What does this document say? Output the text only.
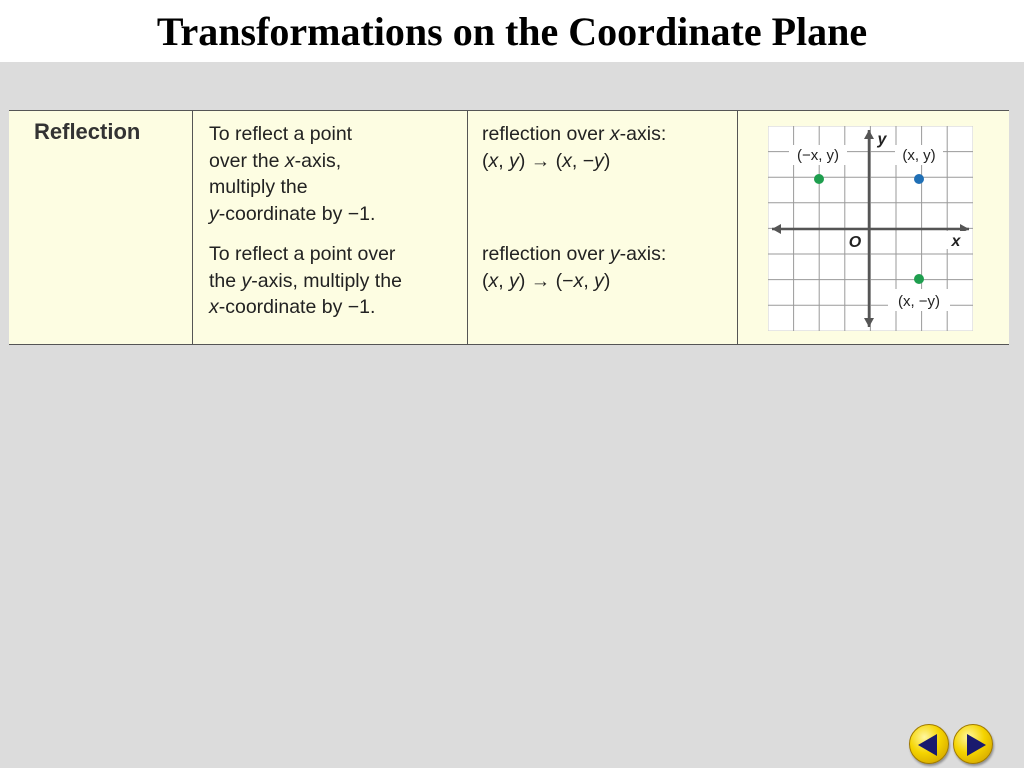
Transformations on the Coordinate Plane
Reflection	To reflect a point
over the x-axis,
multiply the
y-coordinate by −1.
To reflect a point over
the y-axis, multiply the
x-coordinate by −1.
reflection over x-axis:
(x, y) → (x, −y)
reflection over y-axis:
(x, y) → (−x, y)
y
x
O
(−x, y)	(x, y)
(x, −y)
